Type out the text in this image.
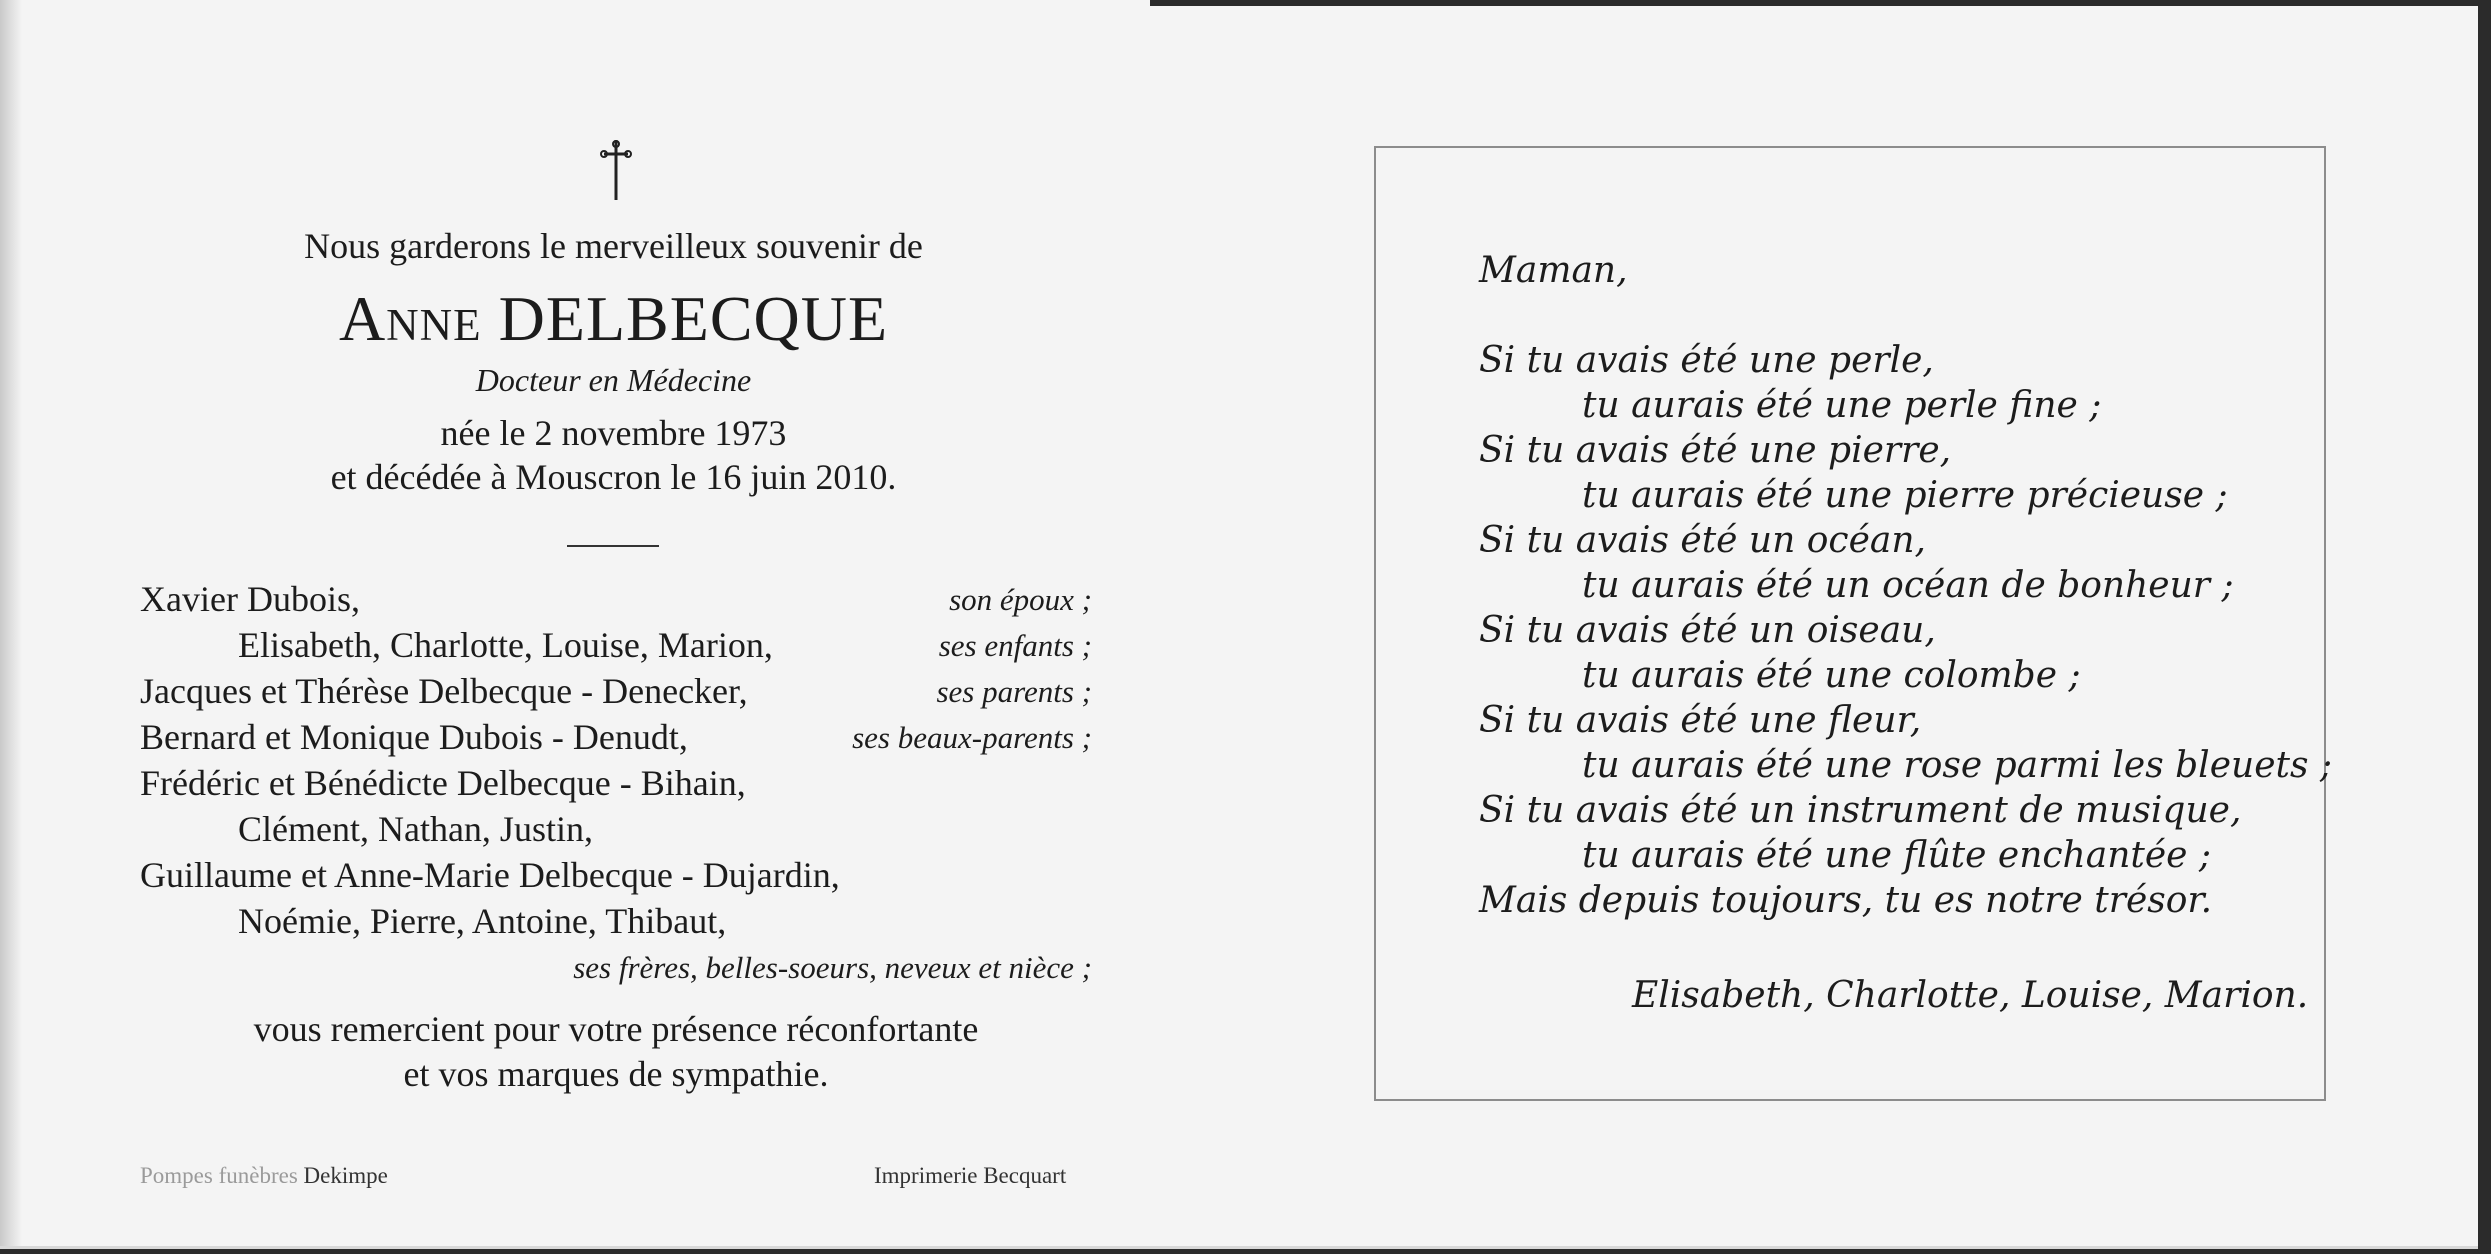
Nous garderons le merveilleux souvenir de
Anne DELBECQUE
Docteur en Médecine
née le 2 novembre 1973
et décédée à Mouscron le 16 juin 2010.
Xavier Dubois,	son époux ;
Elisabeth, Charlotte, Louise, Marion,	ses enfants ;
Jacques et Thérèse Delbecque - Denecker,	ses parents ;
Bernard et Monique Dubois - Denudt,	ses beaux-parents ;
Frédéric et Bénédicte Delbecque - Bihain,
Clément, Nathan, Justin,
Guillaume et Anne-Marie Delbecque - Dujardin,
Noémie, Pierre, Antoine, Thibaut,
ses frères, belles-soeurs, neveux et nièce ;
vous remercient pour votre présence réconfortante
et vos marques de sympathie.
Pompes funèbres Dekimpe	Imprimerie Becquart
Maman,
Si tu avais été une perle,
tu aurais été une perle fine ;
Si tu avais été une pierre,
tu aurais été une pierre précieuse ;
Si tu avais été un océan,
tu aurais été un océan de bonheur ;
Si tu avais été un oiseau,
tu aurais été une colombe ;
Si tu avais été une fleur,
tu aurais été une rose parmi les bleuets ;
Si tu avais été un instrument de musique,
tu aurais été une flûte enchantée ;
Mais depuis toujours, tu es notre trésor.
Elisabeth, Charlotte, Louise, Marion.
